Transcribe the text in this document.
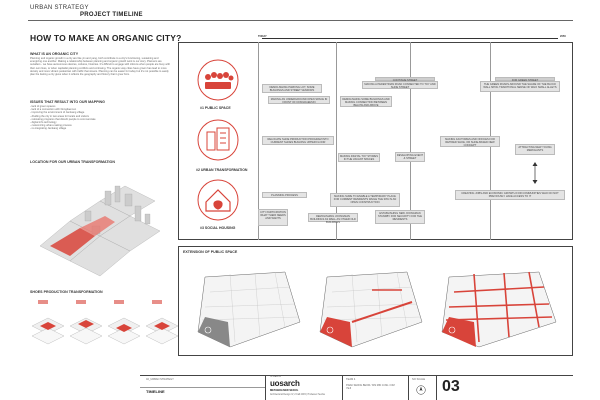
URBAN STRATEGY
PROJECT TIMELINE
HOW TO MAKE AN ORGANIC CITY?
WHAT IS AN ORGANIC CITY
Planning and organic growth in a city are like yin and yang, both contribute to a city's functioning, sustaining and energizing one another. Making a relationship between planning and organic growth work is our story. Planners are outsiders - we have autonomous desires, cultures, histories. It's difficult to engage with citizens when people are busy with their own lives, or when capitalist planning conflicts and confusing. The organic way cities have grown has lead to more density and more vibrant pedestrian with traffic that streets. Planning can be easier for today but it's not possible to easily plan the feeling a city gives when it reflects the geography and history that it grew from.
ISSUES THAT RESULT INTO OUR MAPPING
- lack of green spaces
- lack of a connection with Dongdaemun
- improving the environment of Jamkang village
- dividing the city in two areas for locals and visitors
- relocating programs that disturb people to communicate
- digital info technology
- customizing urban-making process
- re-integrating Jamkang village
LOCATION FOR OUR URBAN TRANSFORMATION
SHOES PRODUCTION TRANSFORMATION
TODAY	2050
#1 PUBLIC SPACE
#2 URBAN TRANSFORMATION
#3 SOCIAL HOUSING
DEMOLISHING PARKING LOT, SOME BUILDINGS AND STREET VENDORS
MAKING AN UNDERGROUND OPEN SPACE IN FRONT OF DONGDAEMUN
DEMOLISHING SOME BUILDINGS AND MAKING CONNECTION BETWEEN BELOW AND ABOVE
MAKING A PEDESTRIAN ROAD CONNECTED TO TOY AND SHOE STREET
THE GREEN ROADS AROUND THE SHADE OF THE BLOCK WALL SPOIL TRADITIONAL SENSE OF WHO SMALL ALLEYS
RELOCATE SHOE PRODUCTION PROGRAM INTO CURRENT SHOES BUILDING UPPER FLOOR
MAKING DIGITAL TOY STORES IN THE VACANT SPACES
DEVELOPING EVENT & STREET
MAKING FACTORIES AND OFFICES FOR RETIRED SHOE, OR SHOE-BASED NEW CONCEPT
ATTRACTING NEW YOUNG MERCHANTS
PLANNING PROCESS
CITY PARTICIPATION WHAT THEIR NEEDS AND WANTS
MAKING SURE TO ENABLE A TEMPORARY PLACE FOR CURRENT RESIDENTS WHILE THE 30% IS AN OPEN CONSTRUCTION
DEMOLISHING JOONGMAN BUILDINGS AS WELL AS OTHER OLD BUILDINGS
ESTABLISHING NEW JOONGMAN STANDBY FOR SECURITY FOR THE RESIDENTS
CREATING JOBS AND ECONOMIC GROWTH FOR COMMUNITIES WHO DO NOT PREVIOUSLY HAVE ACCESS TO IT
EXTENSION OF PUBLIC SPACE
02_URBAN STRATEGY
TIMELINE
UOSARCH
uosarch
METABOLISED SEOUL
Architectural Design IV, 2 Fall 2015 | Professor Seoha
TEAM 4
KWAK SEONG BEOM / KIM MIN JUNG / KIM YEJI
NO SCALE 03
